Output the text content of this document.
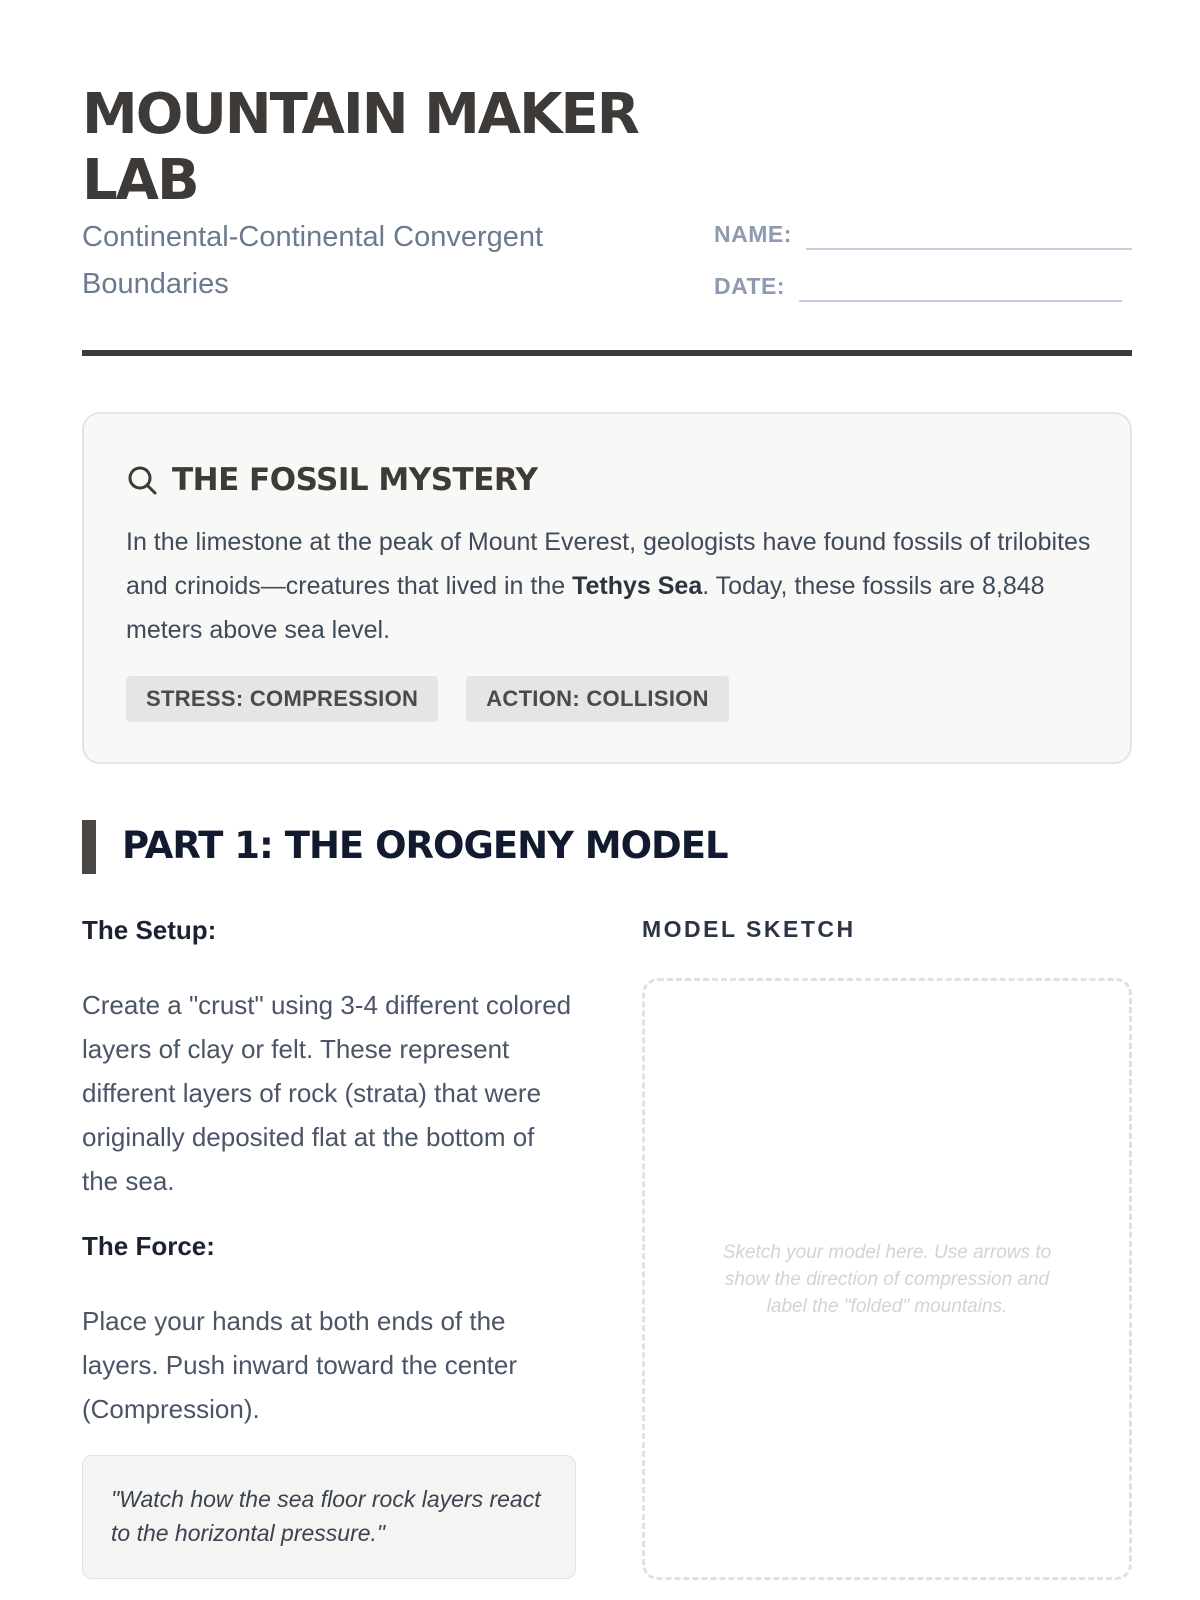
MOUNTAIN MAKER LAB

Continental-Continental Convergent Boundaries

NAME:
DATE:
THE FOSSIL MYSTERY

In the limestone at the peak of Mount Everest, geologists have found fossils of trilobites and crinoids—creatures that lived in the Tethys Sea. Today, these fossils are 8,848 meters above sea level.

STRESS: COMPRESSION	ACTION: COLLISION
PART 1: THE OROGENY MODEL
The Setup:

Create a "crust" using 3-4 different colored layers of clay or felt. These represent different layers of rock (strata) that were originally deposited flat at the bottom of the sea.

The Force:

Place your hands at both ends of the layers. Push inward toward the center (Compression).

"Watch how the sea floor rock layers react to the horizontal pressure."

MODEL SKETCH

Sketch your model here. Use arrows to show the direction of compression and label the "folded" mountains.
